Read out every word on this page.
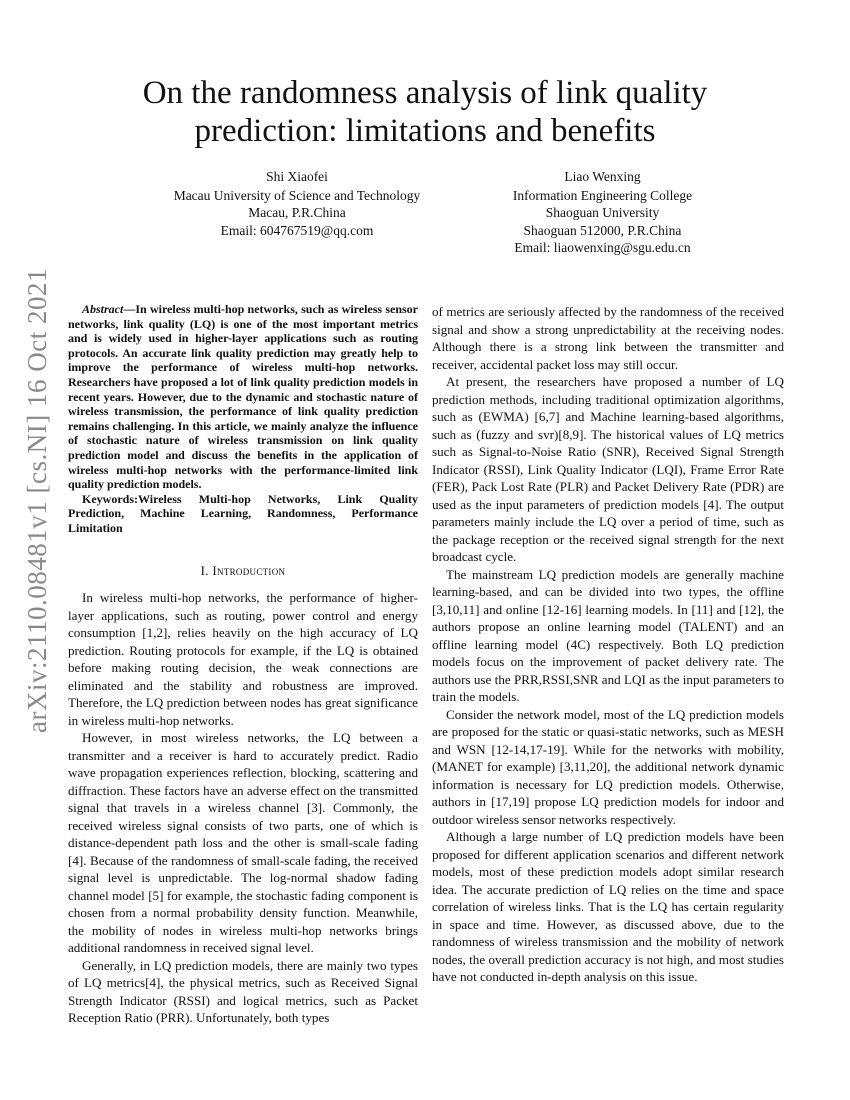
arXiv:2110.08481v1 [cs.NI] 16 Oct 2021
On the randomness analysis of link quality
prediction: limitations and benefits
Shi Xiaofei
Macau University of Science and Technology
Macau, P.R.China
Email: 604767519@qq.com
Liao Wenxing
Information Engineering College
Shaoguan University
Shaoguan 512000, P.R.China
Email: liaowenxing@sgu.edu.cn

Abstract—In wireless multi-hop networks, such as wireless sensor networks, link quality (LQ) is one of the most important metrics and is widely used in higher-layer applications such as routing protocols. An accurate link quality prediction may greatly help to improve the performance of wireless multi-hop networks. Researchers have proposed a lot of link quality prediction models in recent years. However, due to the dynamic and stochastic nature of wireless transmission, the performance of link quality prediction remains challenging. In this article, we mainly analyze the influence of stochastic nature of wireless transmission on link quality prediction model and discuss the benefits in the application of wireless multi-hop networks with the performance-limited link quality prediction models.

Keywords:Wireless Multi-hop Networks, Link Quality Prediction, Machine Learning, Randomness, Performance Limitation

I. Introduction

In wireless multi-hop networks, the performance of higher-layer applications, such as routing, power control and energy consumption [1,2], relies heavily on the high accuracy of LQ prediction. Routing protocols for example, if the LQ is obtained before making routing decision, the weak connections are eliminated and the stability and robustness are improved. Therefore, the LQ prediction between nodes has great significance in wireless multi-hop networks.

However, in most wireless networks, the LQ between a transmitter and a receiver is hard to accurately predict. Radio wave propagation experiences reflection, blocking, scattering and diffraction. These factors have an adverse effect on the transmitted signal that travels in a wireless channel [3]. Commonly, the received wireless signal consists of two parts, one of which is distance-dependent path loss and the other is small-scale fading [4]. Because of the randomness of small-scale fading, the received signal level is unpredictable. The log-normal shadow fading channel model [5] for example, the stochastic fading component is chosen from a normal probability density function. Meanwhile, the mobility of nodes in wireless multi-hop networks brings additional randomness in received signal level.

Generally, in LQ prediction models, there are mainly two types of LQ metrics[4], the physical metrics, such as Received Signal Strength Indicator (RSSI) and logical metrics, such as Packet Reception Ratio (PRR). Unfortunately, both types

of metrics are seriously affected by the randomness of the received signal and show a strong unpredictability at the receiving nodes. Although there is a strong link between the transmitter and receiver, accidental packet loss may still occur.

At present, the researchers have proposed a number of LQ prediction methods, including traditional optimization algorithms, such as (EWMA) [6,7] and Machine learning-based algorithms, such as (fuzzy and svr)[8,9]. The historical values of LQ metrics such as Signal-to-Noise Ratio (SNR), Received Signal Strength Indicator (RSSI), Link Quality Indicator (LQI), Frame Error Rate (FER), Pack Lost Rate (PLR) and Packet Delivery Rate (PDR) are used as the input parameters of prediction models [4]. The output parameters mainly include the LQ over a period of time, such as the package reception or the received signal strength for the next broadcast cycle.

The mainstream LQ prediction models are generally machine learning-based, and can be divided into two types, the offline [3,10,11] and online [12-16] learning models. In [11] and [12], the authors propose an online learning model (TALENT) and an offline learning model (4C) respectively. Both LQ prediction models focus on the improvement of packet delivery rate. The authors use the PRR,RSSI,SNR and LQI as the input parameters to train the models.

Consider the network model, most of the LQ prediction models are proposed for the static or quasi-static networks, such as MESH and WSN [12-14,17-19]. While for the networks with mobility, (MANET for example) [3,11,20], the additional network dynamic information is necessary for LQ prediction models. Otherwise, authors in [17,19] propose LQ prediction models for indoor and outdoor wireless sensor networks respectively.

Although a large number of LQ prediction models have been proposed for different application scenarios and different network models, most of these prediction models adopt similar research idea. The accurate prediction of LQ relies on the time and space correlation of wireless links. That is the LQ has certain regularity in space and time. However, as discussed above, due to the randomness of wireless transmission and the mobility of network nodes, the overall prediction accuracy is not high, and most studies have not conducted in-depth analysis on this issue.
